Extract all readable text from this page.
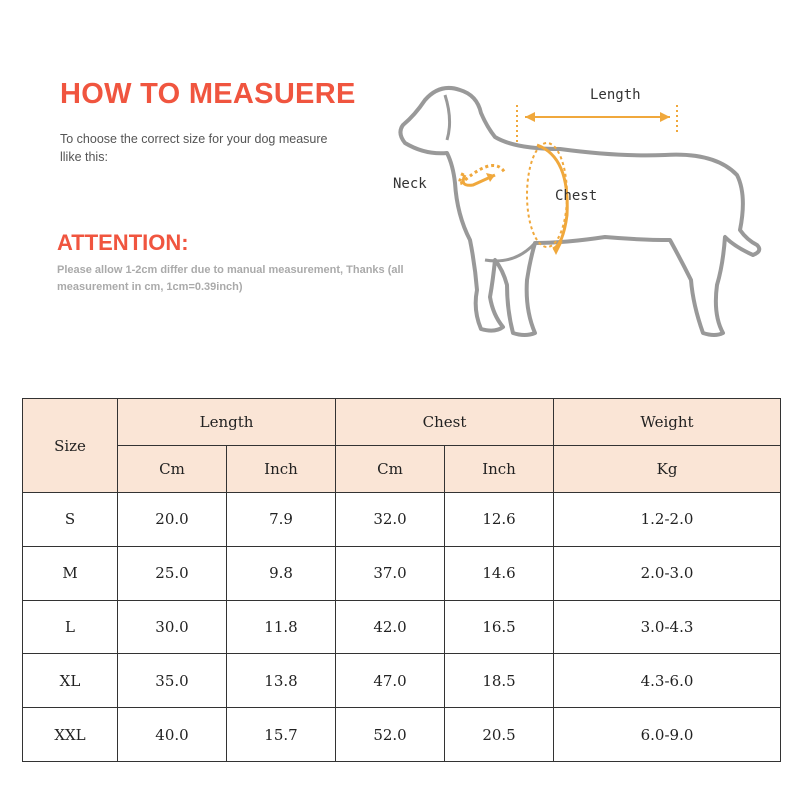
HOW TO MEASUERE
To choose the correct size for your dog measure llike this:
ATTENTION:
Please allow 1-2cm differ due to manual measurement, Thanks (all measurement in cm, 1cm=0.39inch)
Length
Neck
Chest
Size	Length		Chest		Weight
	Cm	Inch	Cm	Inch	Kg
S	20.0	7.9	32.0	12.6	1.2-2.0
M	25.0	9.8	37.0	14.6	2.0-3.0
L	30.0	11.8	42.0	16.5	3.0-4.3
XL	35.0	13.8	47.0	18.5	4.3-6.0
XXL	40.0	15.7	52.0	20.5	6.0-9.0
